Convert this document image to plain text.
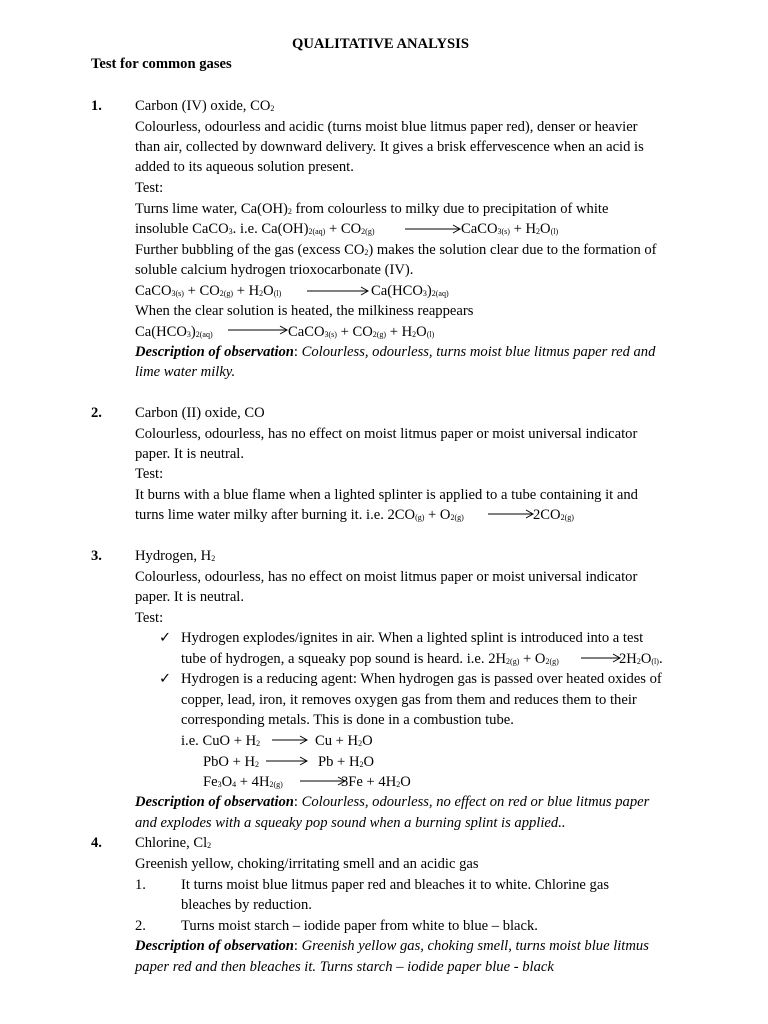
QUALITATIVE ANALYSIS
Test for common gases
1. Carbon (IV) oxide, $CO_2$
Colourless, odourless and acidic (turns moist blue litmus paper red), denser or heavier
than air, collected by downward delivery. It gives a brisk effervescence when an acid is
added to its aqueous solution present.
Test:
Turns lime water, $Ca(OH)_2$ from colourless to milky due to precipitation of white
insoluble CaCO$_3$. i.e. $Ca(OH)_{2(aq)} + CO_{2(g)}$ → CaCO$_{3(s)}$ + $H_2O_{(l)}$
Further bubbling of the gas (excess $CO_2$) makes the solution clear due to the formation of
soluble calcium hydrogen trioxocarbonate (IV).
CaCO$_{3(s)}$ + $CO_{2(g)} + H_2O_{(l)}$	$Ca(HCO_3)_{2(aq)}$
When the clear solution is heated, the milkiness reappears
$Ca(HCO_3)_{2(aq)}$	CaCO$_{3(s)}$ + $CO_{2(g)} + H_2O_{(l)}$
Description of observation: Colourless, odourless, turns moist blue litmus paper red and
lime water milky.
2. Carbon (II) oxide, CO
Colourless, odourless, has no effect on moist litmus paper or moist universal indicator
paper. It is neutral.
Test:
It burns with a blue flame when a lighted splinter is applied to a tube containing it and
turns lime water milky after burning it. i.e. $2CO_{(g)} + O_{2(g)} \to 2CO_{2(g)}$
3. Hydrogen, $H_2$
Colourless, odourless, has no effect on moist litmus paper or moist universal indicator
paper. It is neutral.
Test:
✓ Hydrogen explodes/ignites in air. When a lighted splint is introduced into a test
tube of hydrogen, a squeaky pop sound is heard. i.e. $2H_{2(g)} + O_{2(g)}$	$2H_2O_{(l)}$.
✓ Hydrogen is a reducing agent: When hydrogen gas is passed over heated oxides of
copper, lead, iron, it removes oxygen gas from them and reduces them to their
corresponding metals. This is done in a combustion tube.
i.e. CuO + $H_2 \to Cu + H_2O$
PbO + $H_2 \to Pb + H_2O$
$Fe_3O_4 + 4H_{2(g)}$ →
$3Fe + 4H_2O$
Description of observation: Colourless, odourless, no effect on red or blue litmus paper
and explodes with a squeaky pop sound when a burning splint is applied..
4. Chlorine, $Cl_2$
Greenish yellow, choking/irritating smell and an acidic gas
1. It turns moist blue litmus paper red and bleaches it to white. Chlorine gas
bleaches by reduction.
2. Turns moist starch – iodide paper from white to blue – black.
Description of observation: Greenish yellow gas, choking smell, turns moist blue litmus
paper red and then bleaches it. Turns starch – iodide paper blue - black
